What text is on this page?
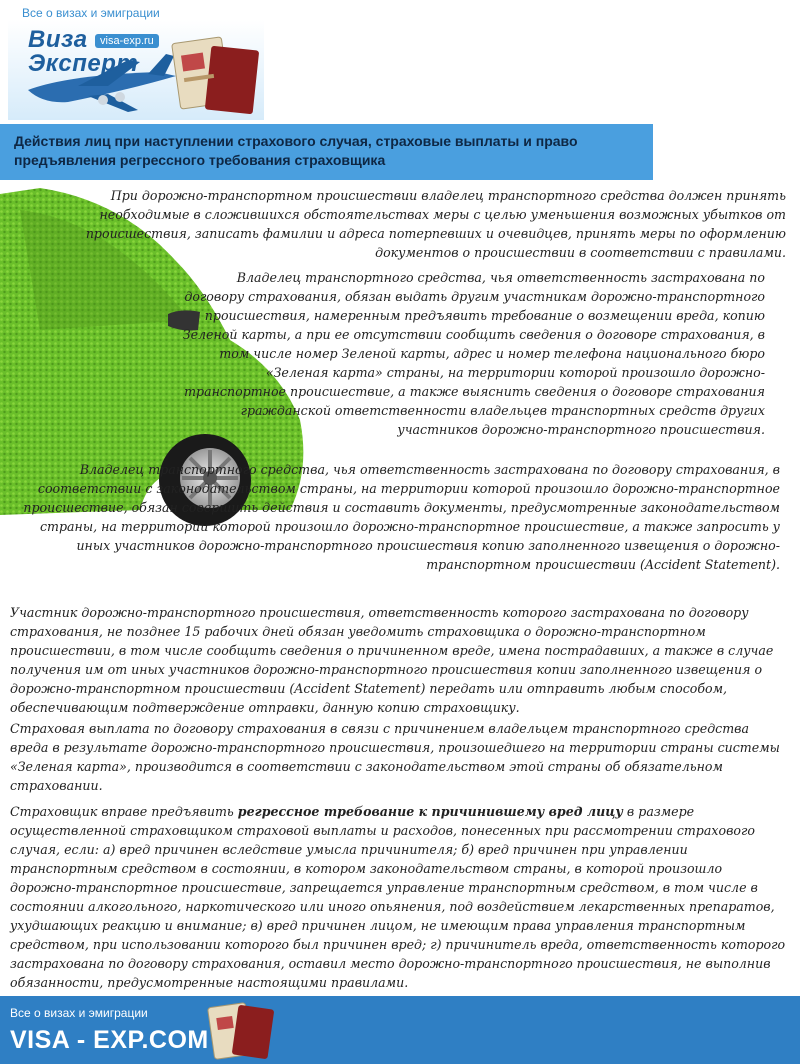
Все о визах и эмиграции
Виза
Эксперт
visa-exp.ru
Действия лиц при наступлении страхового случая, страховые выплаты и право предъявления регрессного требования страховщика

При дорожно-транспортном происшествии владелец транспортного средства должен принять необходимые в сложившихся обстоятельствах меры с целью уменьшения возможных убытков от происшествия, записать фамилии и адреса потерпевших и очевидцев, принять меры по оформлению документов о происшествии в соответствии с правилами.

Владелец транспортного средства, чья ответственность застрахована по договору страхования, обязан выдать другим участникам дорожно-транспортного происшествия, намеренным предъявить требование о возмещении вреда, копию Зеленой карты, а при ее отсутствии сообщить сведения о договоре страхования, в том числе номер Зеленой карты, адрес и номер телефона национального бюро «Зеленая карта» страны, на территории которой произошло дорожно-транспортное происшествие, а также выяснить сведения о договоре страхования гражданской ответственности владельцев транспортных средств других участников дорожно-транспортного происшествия.

Владелец транспортного средства, чья ответственность застрахована по договору страхования, в соответствии с законодательством страны, на территории которой произошло дорожно-транспортное происшествие, обязан совершить действия и составить документы, предусмотренные законодательством страны, на территории которой произошло дорожно-транспортное происшествие, а также запросить у иных участников дорожно-транспортного происшествия копию заполненного извещения о дорожно-транспортном происшествии (Accident Statement).

Участник дорожно-транспортного происшествия, ответственность которого застрахована по договору страхования, не позднее 15 рабочих дней обязан уведомить страховщика о дорожно-транспортном происшествии, в том числе сообщить сведения о причиненном вреде, имена пострадавших, а также в случае получения им от иных участников дорожно-транспортного происшествия копии заполненного извещения о дорожно-транспортном происшествии (Accident Statement) передать или отправить любым способом, обеспечивающим подтверждение отправки, данную копию страховщику.

Страховая выплата по договору страхования в связи с причинением владельцем транспортного средства вреда в результате дорожно-транспортного происшествия, произошедшего на территории страны системы «Зеленая карта», производится в соответствии с законодательством этой страны об обязательном страховании.

Страховщик вправе предъявить регрессное требование к причинившему вред лицу в размере осуществленной страховщиком страховой выплаты и расходов, понесенных при рассмотрении страхового случая, если: а) вред причинен вследствие умысла причинителя; б) вред причинен при управлении транспортным средством в состоянии, в котором законодательством страны, в которой произошло дорожно-транспортное происшествие, запрещается управление транспортным средством, в том числе в состоянии алкогольного, наркотического или иного опьянения, под воздействием лекарственных препаратов, ухудшающих реакцию и внимание; в) вред причинен лицом, не имеющим права управления транспортным средством, при использовании которого был причинен вред; г) причинитель вреда, ответственность которого застрахована по договору страхования, оставил место дорожно-транспортного происшествия, не выполнив обязанности, предусмотренные настоящими правилами.

Все о визах и эмиграции
VISA - EXP.COM
